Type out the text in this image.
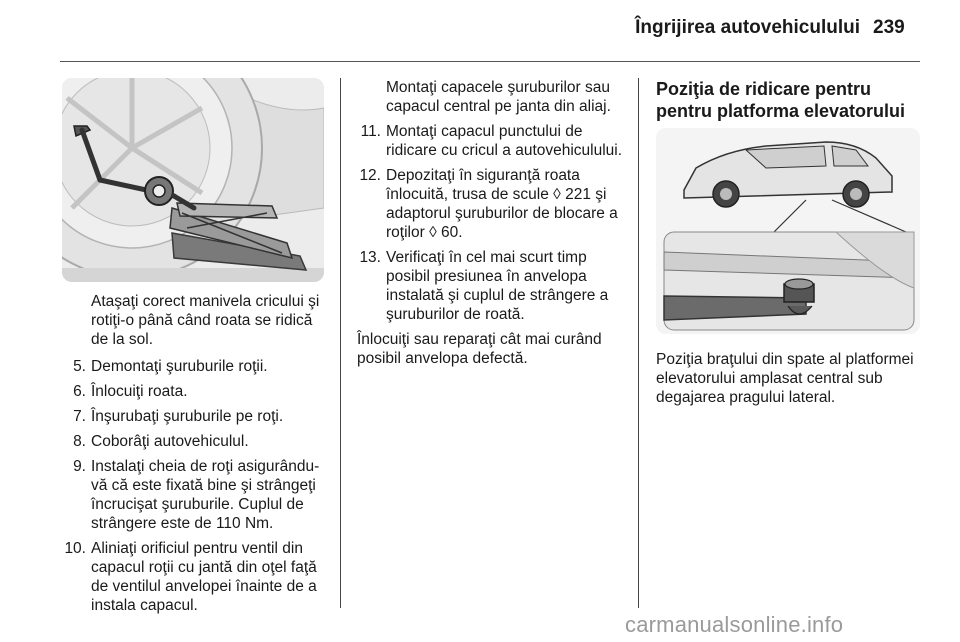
Îngrijirea autovehiculului 239

Ataşaţi corect manivela cricului şi rotiţi-o până când roata se ridică de la sol.

5. Demontaţi şuruburile roţii.
6. Înlocuiţi roata.
7. Înşurubaţi şuruburile pe roţi.
8. Coborâţi autovehiculul.
9. Instalaţi cheia de roţi asigurându-vă că este fixată bine şi strângeţi încrucişat şuruburile. Cuplul de strângere este de 110 Nm.
10. Aliniaţi orificiul pentru ventil din capacul roţii cu jantă din oţel faţă de ventilul anvelopei înainte de a instala capacul.

Montaţi capacele şuruburilor sau capacul central pe janta din aliaj.

11. Montaţi capacul punctului de ridicare cu cricul a autovehiculului.
12. Depozitaţi în siguranţă roata înlocuită, trusa de scule ◊ 221 şi adaptorul şuruburilor de blocare a roţilor ◊ 60.
13. Verificaţi în cel mai scurt timp posibil presiunea în anvelopa instalată şi cuplul de strângere a şuruburilor de roată.

Înlocuiţi sau reparaţi cât mai curând posibil anvelopa defectă.

Poziţia de ridicare pentru pentru platforma elevatorului

Poziţia braţului din spate al platformei elevatorului amplasat central sub degajarea pragului lateral.

carmanualsonline.info
